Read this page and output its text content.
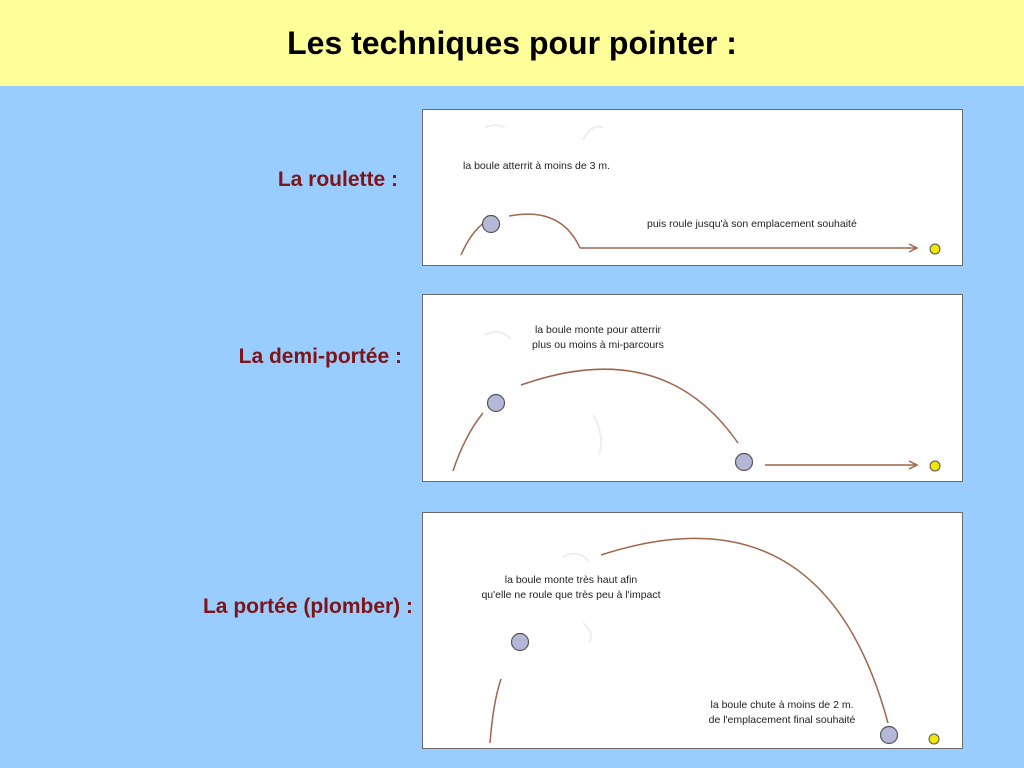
Les techniques pour pointer :
La roulette :
la boule atterrit à moins de 3 m.
puis roule jusqu'à son emplacement souhaité
La demi-portée :
la boule monte pour atterrir
plus ou moins à mi-parcours
La portée (plomber) :
la boule monte très haut afin
qu'elle ne roule que très peu à l'impact
la boule chute à moins de 2 m.
de l'emplacement final souhaité
